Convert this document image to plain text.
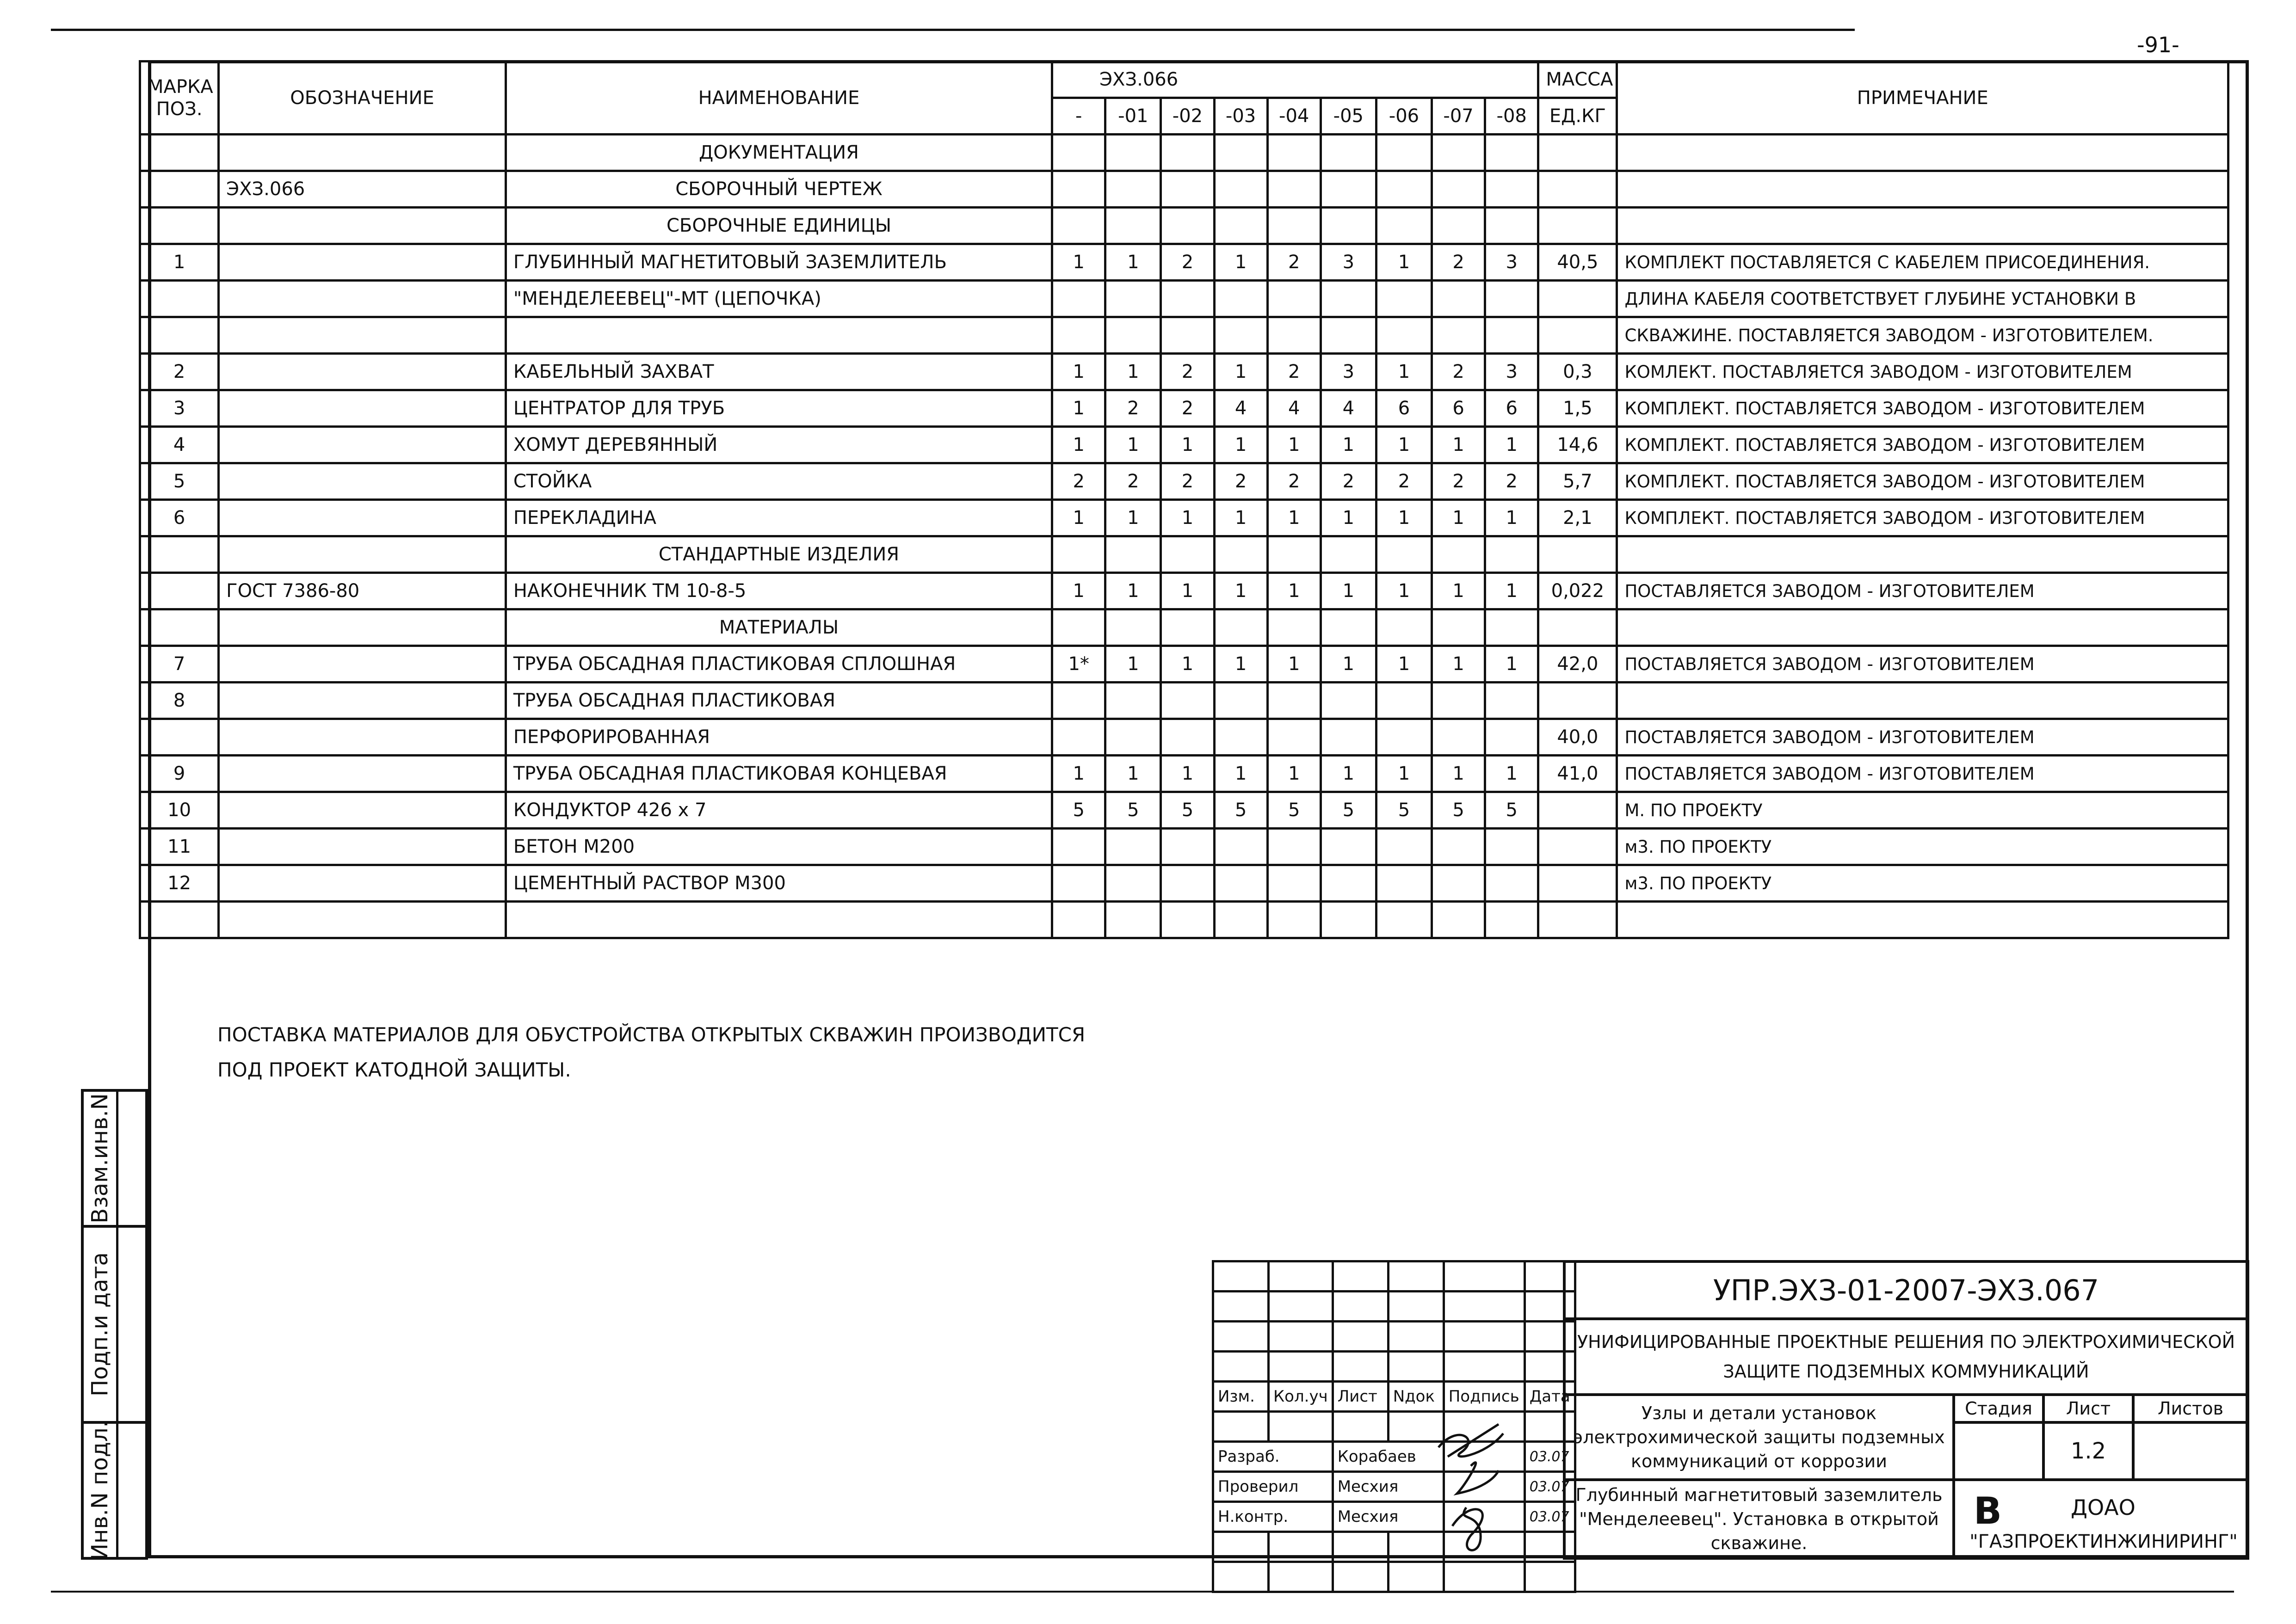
-91-
МАРКА ПОЗ.	ОБОЗНАЧЕНИЕ	НАИМЕНОВАНИЕ	ЭХЗ.066									МАССА	ПРИМЕЧАНИЕ
			-	-01	-02	-03	-04	-05	-06	-07	-08	ЕД.КГ	
		ДОКУМЕНТАЦИЯ											
	ЭХЗ.066	СБОРОЧНЫЙ ЧЕРТЕЖ											
		СБОРОЧНЫЕ ЕДИНИЦЫ											
1		ГЛУБИННЫЙ МАГНЕТИТОВЫЙ ЗАЗЕМЛИТЕЛЬ	1	1	2	1	2	3	1	2	3	40,5	КОМПЛЕКТ ПОСТАВЛЯЕТСЯ С КАБЕЛЕМ ПРИСОЕДИНЕНИЯ.
		"МЕНДЕЛЕЕВЕЦ"-МТ (ЦЕПОЧКА)											ДЛИНА КАБЕЛЯ СООТВЕТСТВУЕТ ГЛУБИНЕ УСТАНОВКИ В
													СКВАЖИНЕ. ПОСТАВЛЯЕТСЯ ЗАВОДОМ - ИЗГОТОВИТЕЛЕМ.
2		КАБЕЛЬНЫЙ ЗАХВАТ	1	1	2	1	2	3	1	2	3	0,3	КОМЛЕКТ. ПОСТАВЛЯЕТСЯ ЗАВОДОМ - ИЗГОТОВИТЕЛЕМ
3		ЦЕНТРАТОР ДЛЯ ТРУБ	1	2	2	4	4	4	6	6	6	1,5	КОМПЛЕКТ. ПОСТАВЛЯЕТСЯ ЗАВОДОМ - ИЗГОТОВИТЕЛЕМ
4		ХОМУТ ДЕРЕВЯННЫЙ	1	1	1	1	1	1	1	1	1	14,6	КОМПЛЕКТ. ПОСТАВЛЯЕТСЯ ЗАВОДОМ - ИЗГОТОВИТЕЛЕМ
5		СТОЙКА	2	2	2	2	2	2	2	2	2	5,7	КОМПЛЕКТ. ПОСТАВЛЯЕТСЯ ЗАВОДОМ - ИЗГОТОВИТЕЛЕМ
6		ПЕРЕКЛАДИНА	1	1	1	1	1	1	1	1	1	2,1	КОМПЛЕКТ. ПОСТАВЛЯЕТСЯ ЗАВОДОМ - ИЗГОТОВИТЕЛЕМ
		СТАНДАРТНЫЕ ИЗДЕЛИЯ											
	ГОСТ 7386-80	НАКОНЕЧНИК ТМ 10-8-5	1	1	1	1	1	1	1	1	1	0,022	ПОСТАВЛЯЕТСЯ ЗАВОДОМ - ИЗГОТОВИТЕЛЕМ
		МАТЕРИАЛЫ											
7		ТРУБА ОБСАДНАЯ ПЛАСТИКОВАЯ СПЛОШНАЯ	1*	1	1	1	1	1	1	1	1	42,0	ПОСТАВЛЯЕТСЯ ЗАВОДОМ - ИЗГОТОВИТЕЛЕМ
8		ТРУБА ОБСАДНАЯ ПЛАСТИКОВАЯ											
		ПЕРФОРИРОВАННАЯ										40,0	ПОСТАВЛЯЕТСЯ ЗАВОДОМ - ИЗГОТОВИТЕЛЕМ
9		ТРУБА ОБСАДНАЯ ПЛАСТИКОВАЯ КОНЦЕВАЯ	1	1	1	1	1	1	1	1	1	41,0	ПОСТАВЛЯЕТСЯ ЗАВОДОМ - ИЗГОТОВИТЕЛЕМ
10		КОНДУКТОР 426 х 7	5	5	5	5	5	5	5	5	5		М. ПО ПРОЕКТУ
11		БЕТОН М200											м3. ПО ПРОЕКТУ
12		ЦЕМЕНТНЫЙ РАСТВОР М300											м3. ПО ПРОЕКТУ

ПОСТАВКА МАТЕРИАЛОВ ДЛЯ ОБУСТРОЙСТВА ОТКРЫТЫХ СКВАЖИН ПРОИЗВОДИТСЯ
ПОД ПРОЕКТ КАТОДНОЙ ЗАЩИТЫ.
Взам.инв.N
Подп.и дата
Инв.N подл.

Изм.	Кол.уч	Лист	Nдок	Подпись	Дата

Разраб.		Корабаев			03.07
Проверил		Месхия			03.07
Н.контр.		Месхия			03.07

УПР.ЭХЗ-01-2007-ЭХЗ.067
УНИФИЦИРОВАННЫЕ ПРОЕКТНЫЕ РЕШЕНИЯ ПО ЭЛЕКТРОХИМИЧЕСКОЙ
ЗАЩИТЕ ПОДЗЕМНЫХ КОММУНИКАЦИЙ
Узлы и детали установок
электрохимической защиты подземных
коммуникаций от коррозии
Глубинный магнетитовый заземлитель
"Менделеевец". Установка в открытой
скважине.
Стадия Лист	Листов
1.2
В	ДОАО
"ГАЗПРОЕКТИНЖИНИРИНГ"
